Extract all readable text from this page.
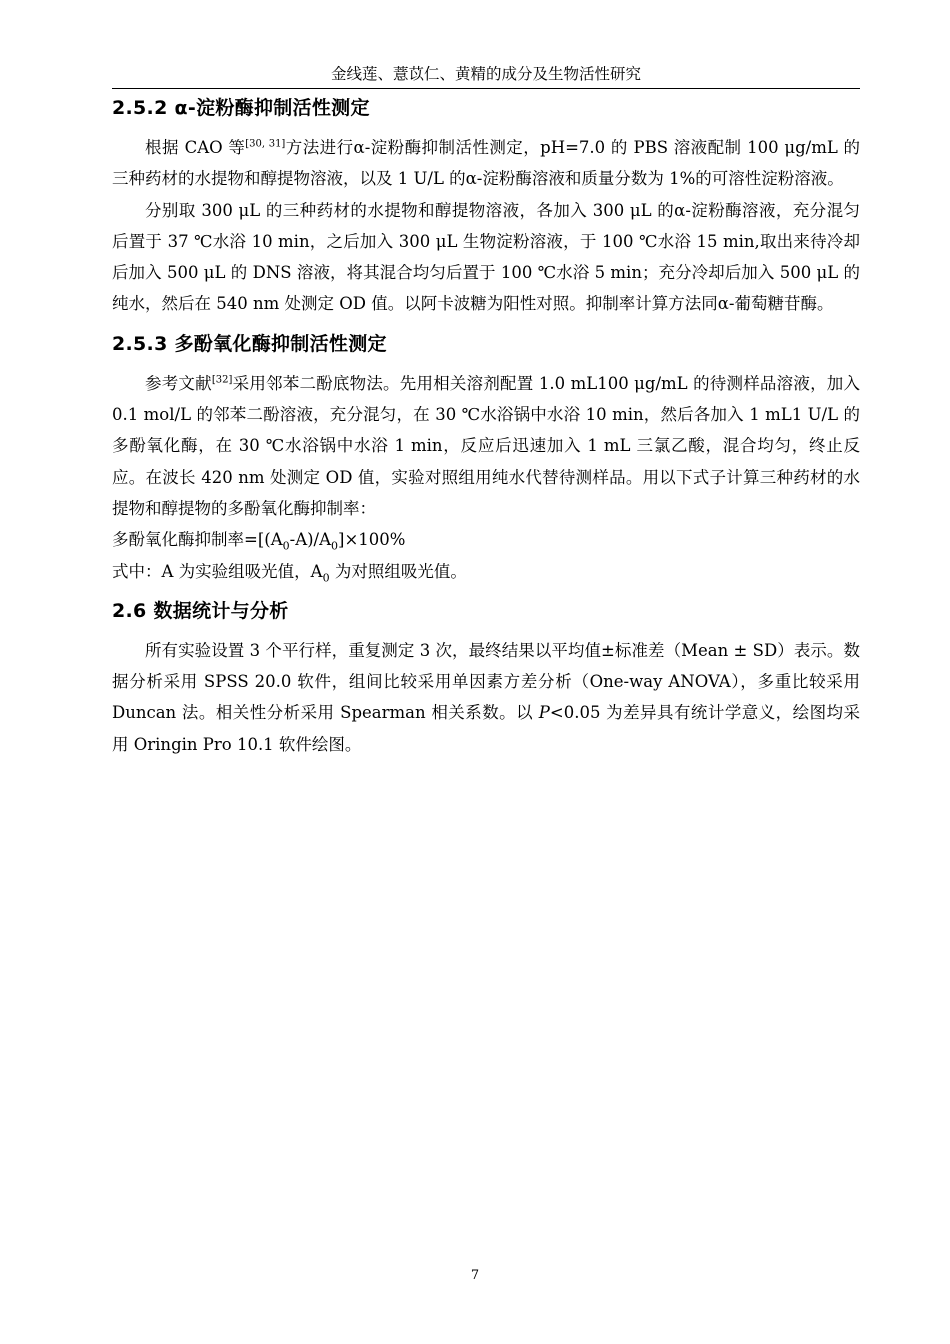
金线莲、薏苡仁、黄精的成分及生物活性研究
2.5.2 α-淀粉酶抑制活性测定

根据 CAO 等[30, 31]方法进行α-淀粉酶抑制活性测定，pH=7.0 的 PBS 溶液配制 100 μg/mL 的三种药材的水提物和醇提物溶液，以及 1 U/L 的α-淀粉酶溶液和质量分数为 1%的可溶性淀粉溶液。

分别取 300 μL 的三种药材的水提物和醇提物溶液，各加入 300 μL 的α-淀粉酶溶液，充分混匀后置于 37 ℃水浴 10 min，之后加入 300 μL 生物淀粉溶液，于 100 ℃水浴 15 min,取出来待冷却后加入 500 μL 的 DNS 溶液，将其混合均匀后置于 100 ℃水浴 5 min；充分冷却后加入 500 μL 的纯水，然后在 540 nm 处测定 OD 值。以阿卡波糖为阳性对照。抑制率计算方法同α-葡萄糖苷酶。

2.5.3 多酚氧化酶抑制活性测定

参考文献[32]采用邻苯二酚底物法。先用相关溶剂配置 1.0 mL100 μg/mL 的待测样品溶液，加入 0.1 mol/L 的邻苯二酚溶液，充分混匀，在 30 ℃水浴锅中水浴 10 min，然后各加入 1 mL1 U/L 的多酚氧化酶，在 30 ℃水浴锅中水浴 1 min，反应后迅速加入 1 mL 三氯乙酸，混合均匀，终止反应。在波长 420 nm 处测定 OD 值，实验对照组用纯水代替待测样品。用以下式子计算三种药材的水提物和醇提物的多酚氧化酶抑制率：

多酚氧化酶抑制率$=[(A_0-A)/A_0]\times 100\%$

式中：A 为实验组吸光值，$A_0$ 为对照组吸光值。

2.6 数据统计与分析

所有实验设置 3 个平行样，重复测定 3 次，最终结果以平均值±标准差（Mean ± SD）表示。数据分析采用 SPSS 20.0 软件，组间比较采用单因素方差分析（One-way ANOVA），多重比较采用 Duncan 法。相关性分析采用 Spearman 相关系数。以 P<0.05 为差异具有统计学意义，绘图均采用 Oringin Pro 10.1 软件绘图。

7
